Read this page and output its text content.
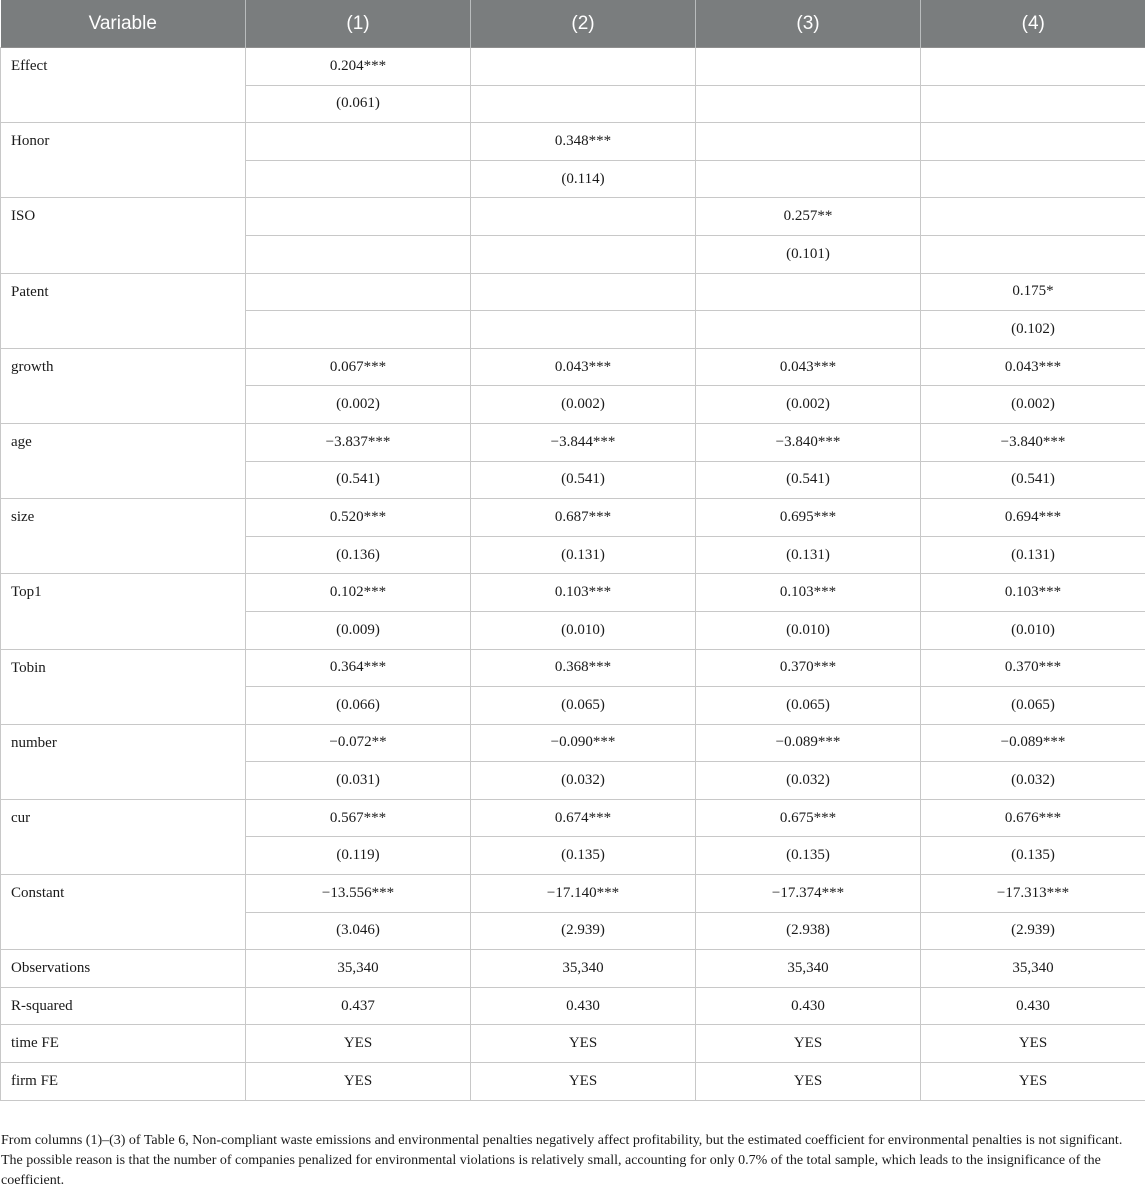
Variable	(1)	(2)	(3)	(4)
Effect	0.204***			
	(0.061)			
Honor		0.348***		
		(0.114)		
ISO			0.257**	
			(0.101)	
Patent				0.175*
				(0.102)
growth	0.067***	0.043***	0.043***	0.043***
	(0.002)	(0.002)	(0.002)	(0.002)
age	−3.837***	−3.844***	−3.840***	−3.840***
	(0.541)	(0.541)	(0.541)	(0.541)
size	0.520***	0.687***	0.695***	0.694***
	(0.136)	(0.131)	(0.131)	(0.131)
Top1	0.102***	0.103***	0.103***	0.103***
	(0.009)	(0.010)	(0.010)	(0.010)
Tobin	0.364***	0.368***	0.370***	0.370***
	(0.066)	(0.065)	(0.065)	(0.065)
number	−0.072**	−0.090***	−0.089***	−0.089***
	(0.031)	(0.032)	(0.032)	(0.032)
cur	0.567***	0.674***	0.675***	0.676***
	(0.119)	(0.135)	(0.135)	(0.135)
Constant	−13.556***	−17.140***	−17.374***	−17.313***
	(3.046)	(2.939)	(2.938)	(2.939)
Observations	35,340	35,340	35,340	35,340
R-squared	0.437	0.430	0.430	0.430
time FE	YES	YES	YES	YES
firm FE	YES	YES	YES	YES

From columns (1)–(3) of Table 6, Non-compliant waste emissions and environmental penalties negatively affect profitability, but the estimated coefficient for environmental penalties is not significant. The possible reason is that the number of companies penalized for environmental violations is relatively small, accounting for only 0.7% of the total sample, which leads to the insignificance of the coefficient.
